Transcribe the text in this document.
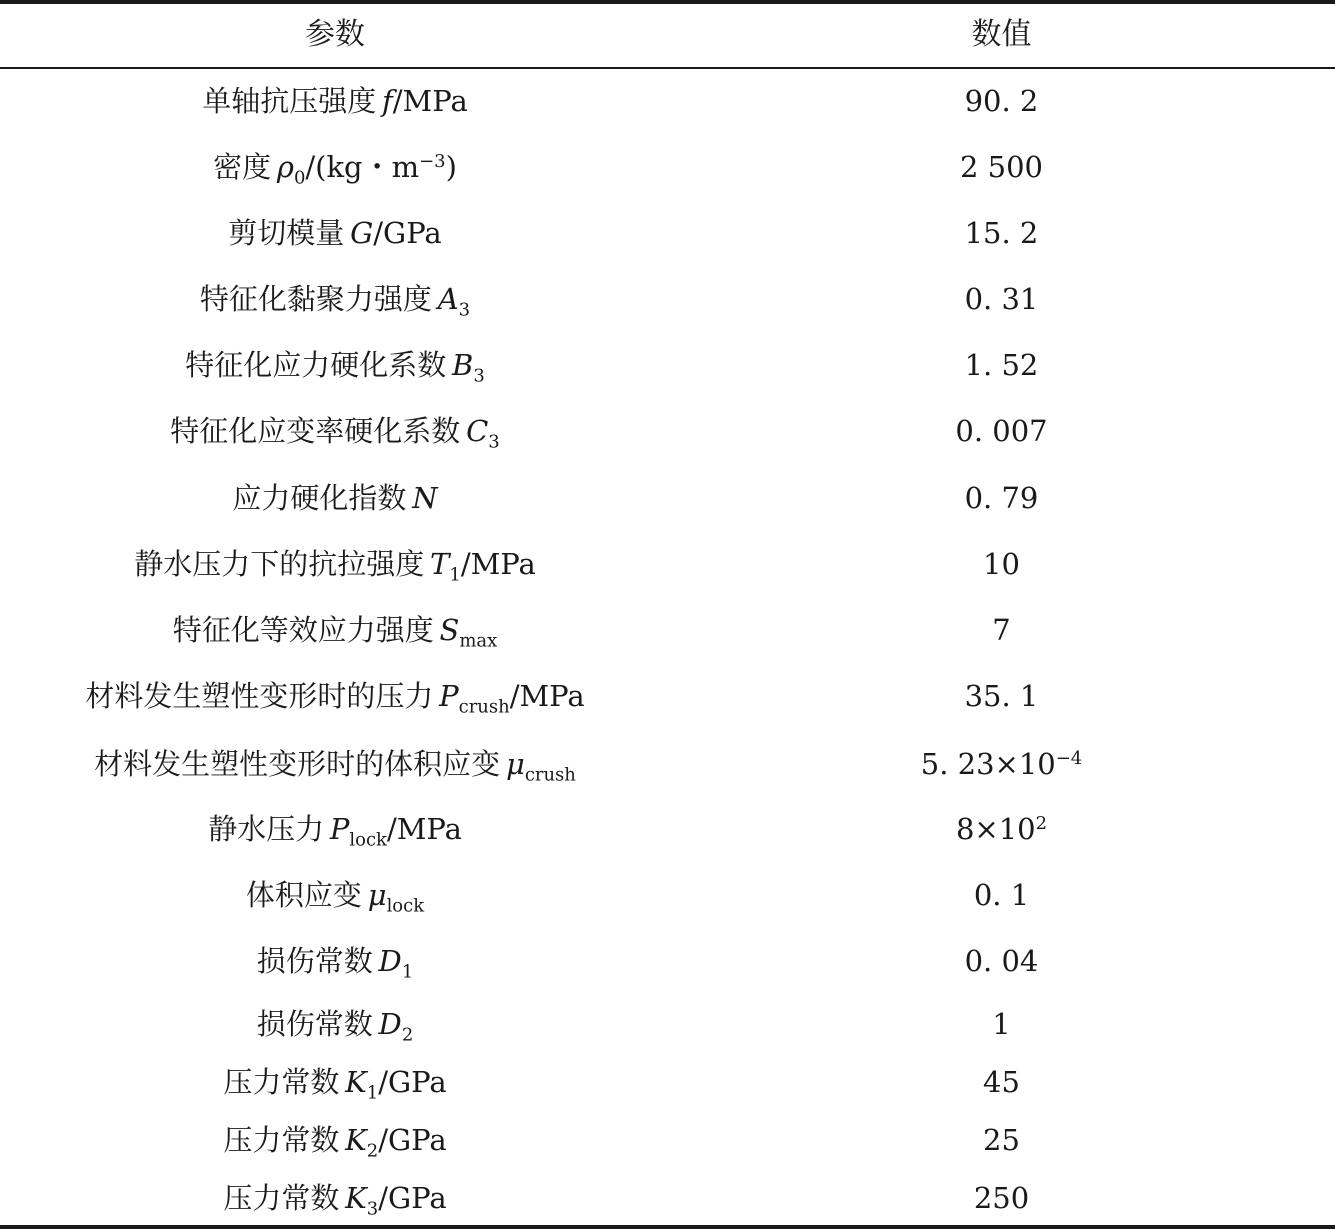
参数	数值
单轴抗压强度  f/MPa	90. 2
密度  $\rho_0/(kg$・$m^{-3}$)	2 500
剪切模量  G/GPa	15. 2
特征化黏聚力强度  $A_3$	0. 31
特征化应力硬化系数  $B_3$	1. 52
特征化应变率硬化系数  $C_3$	0. 007
应力硬化指数  N	0. 79
静水压力下的抗拉强度  $T_1$/MPa	10
特征化等效应力强度  $S_{max}$	7
材料发生塑性变形时的压力  $P_{crush}$/MPa	35. 1
材料发生塑性变形时的体积应变  $\mu_{crush}$	5. $23\times 10^{-4}$
静水压力  $P_{lock}$/MPa	$8\times 10^2$
体积应变  $\mu_{lock}$	0. 1
损伤常数  $D_1$	0. 04
损伤常数  $D_2$	1
压力常数  $K_1$/GPa	45
压力常数  $K_2$/GPa	25
压力常数  $K_3$/GPa	250
